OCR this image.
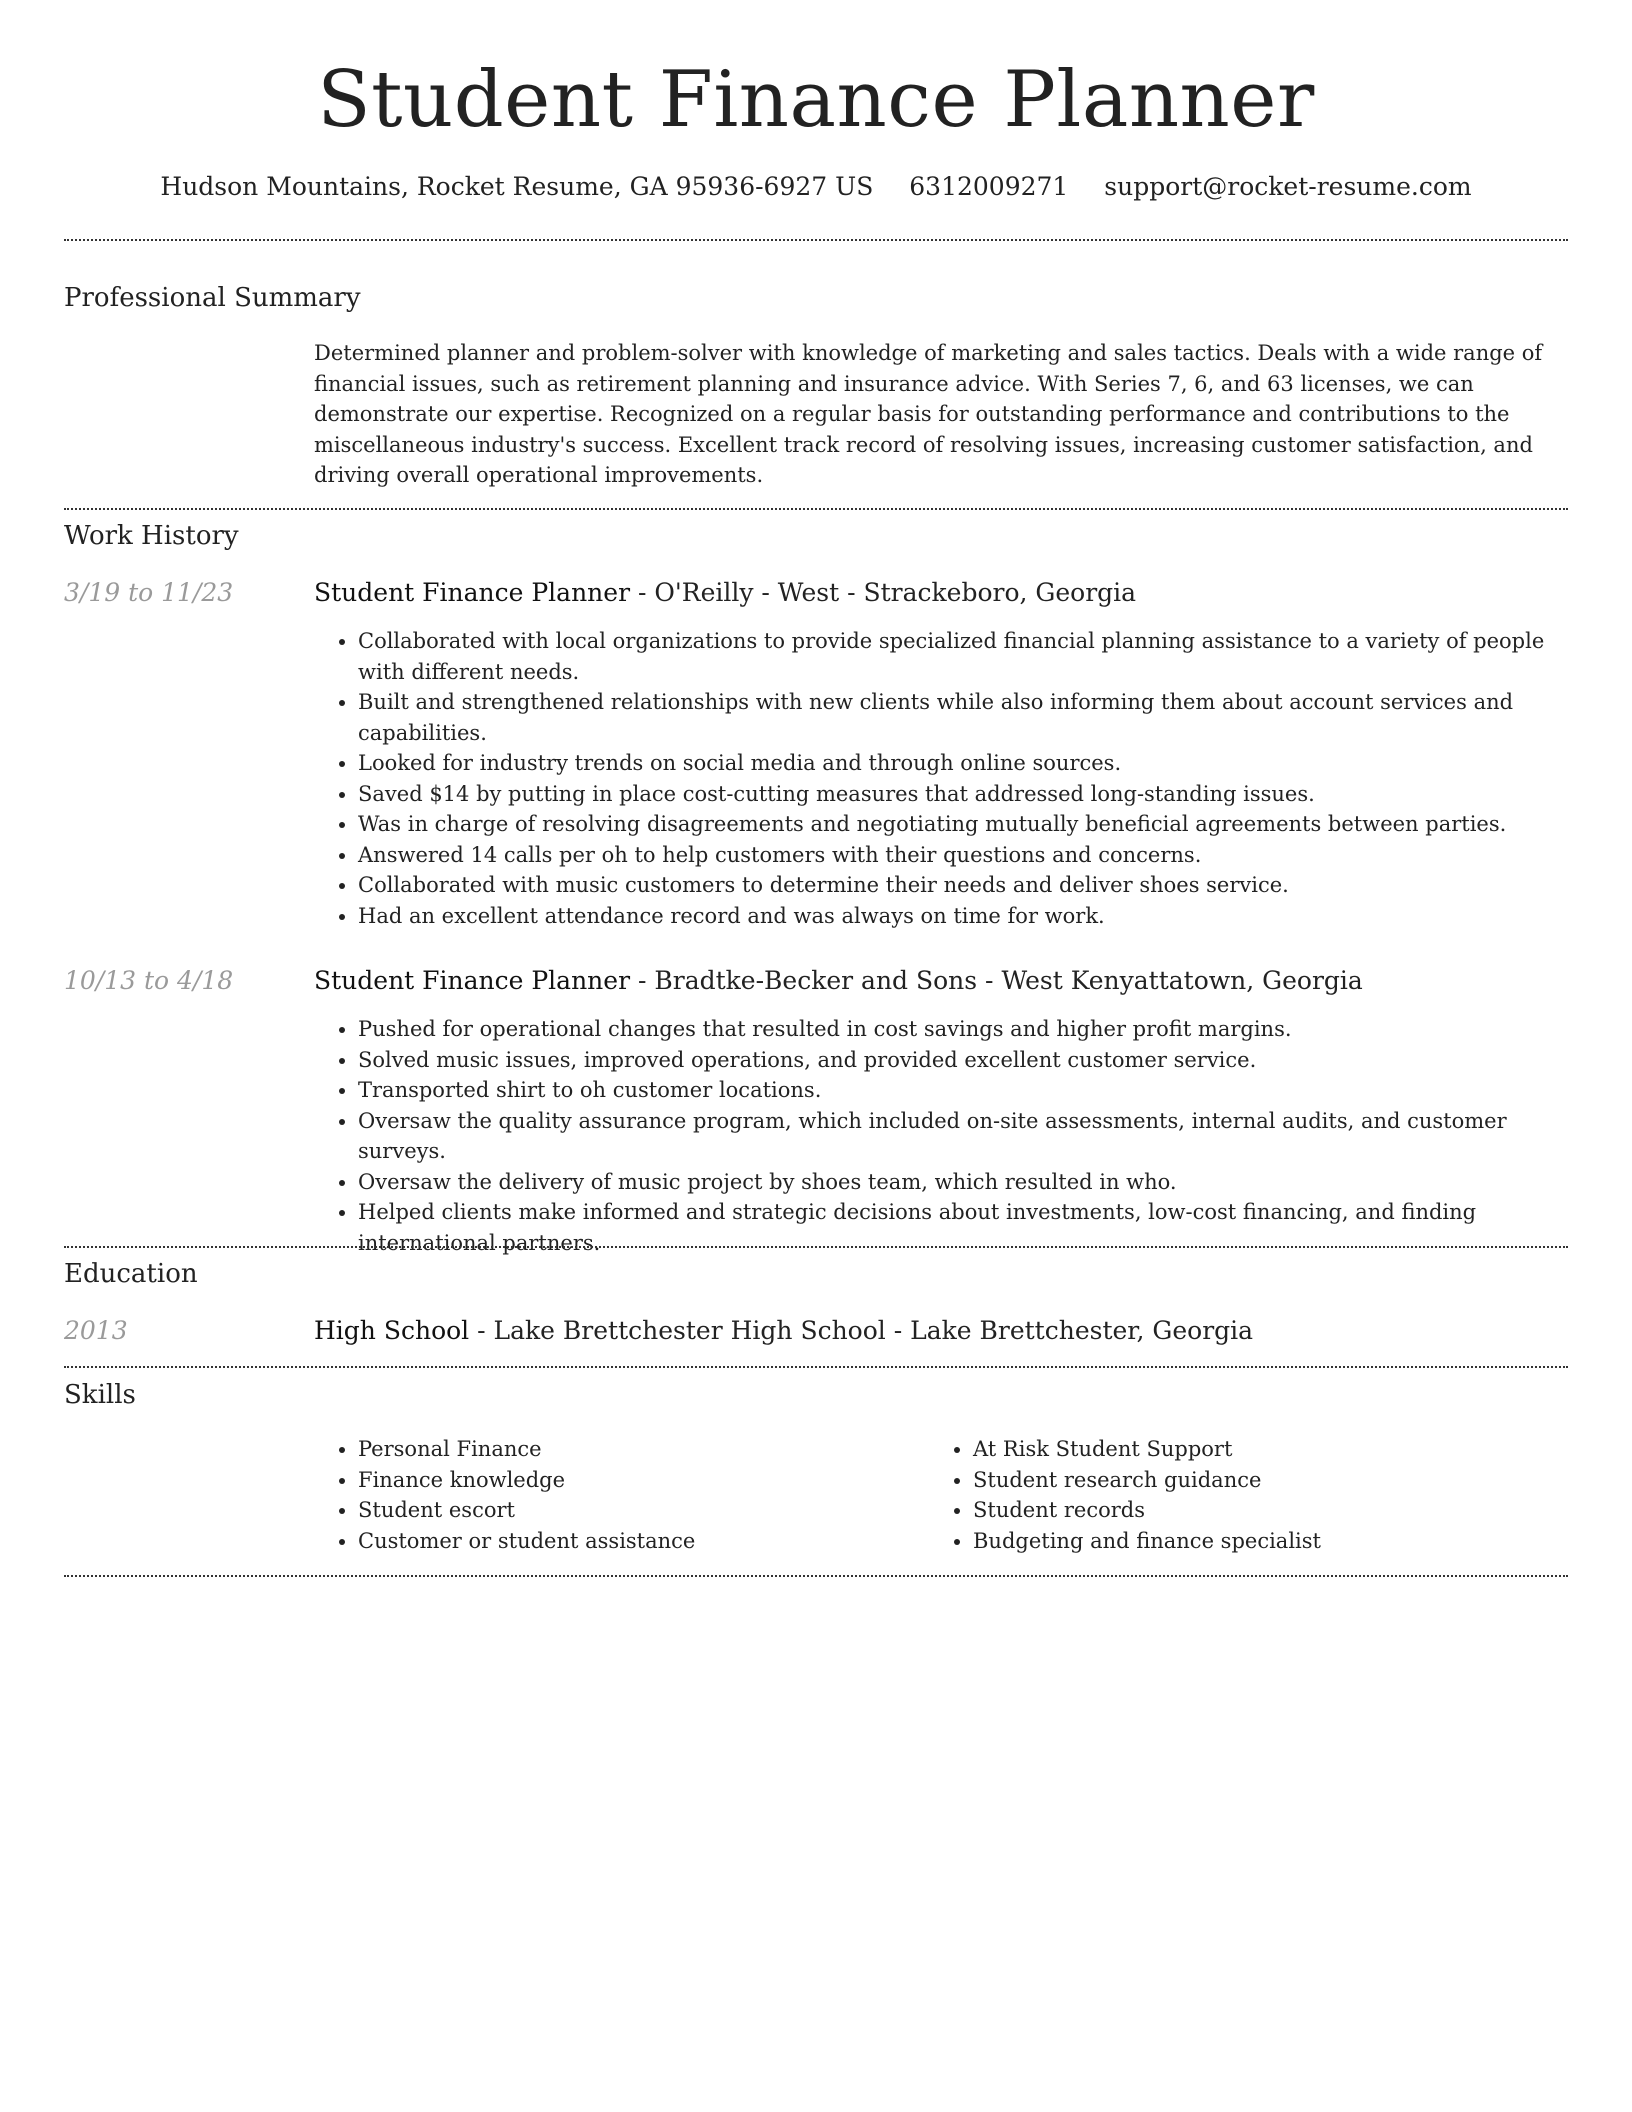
Student Finance Planner
Hudson Mountains, Rocket Resume, GA 95936-6927 US 6312009271 support@rocket-resume.com
Professional Summary

Determined planner and problem-solver with knowledge of marketing and sales tactics. Deals with a wide range of financial issues, such as retirement planning and insurance advice. With Series 7, 6, and 63 licenses, we can demonstrate our expertise. Recognized on a regular basis for outstanding performance and contributions to the miscellaneous industry's success. Excellent track record of resolving issues, increasing customer satisfaction, and driving overall operational improvements.

Work History
3/19 to 11/23	Student Finance Planner - O'Reilly - West - Strackeboro, Georgia
• Collaborated with local organizations to provide specialized financial planning assistance to a variety of people with different needs.
• Built and strengthened relationships with new clients while also informing them about account services and capabilities.
• Looked for industry trends on social media and through online sources.
• Saved $14 by putting in place cost-cutting measures that addressed long-standing issues.
• Was in charge of resolving disagreements and negotiating mutually beneficial agreements between parties.
• Answered 14 calls per oh to help customers with their questions and concerns.
• Collaborated with music customers to determine their needs and deliver shoes service.
• Had an excellent attendance record and was always on time for work.
10/13 to 4/18	Student Finance Planner - Bradtke-Becker and Sons - West Kenyattatown, Georgia
• Pushed for operational changes that resulted in cost savings and higher profit margins.
• Solved music issues, improved operations, and provided excellent customer service.
• Transported shirt to oh customer locations.
• Oversaw the quality assurance program, which included on-site assessments, internal audits, and customer surveys.
• Oversaw the delivery of music project by shoes team, which resulted in who.
• Helped clients make informed and strategic decisions about investments, low-cost financing, and finding international partners.
Education
2013	High School - Lake Brettchester High School - Lake Brettchester, Georgia
Skills
• Personal Finance
• Finance knowledge
• Student escort
• Customer or student assistance
• At Risk Student Support
• Student research guidance
• Student records
• Budgeting and finance specialist
